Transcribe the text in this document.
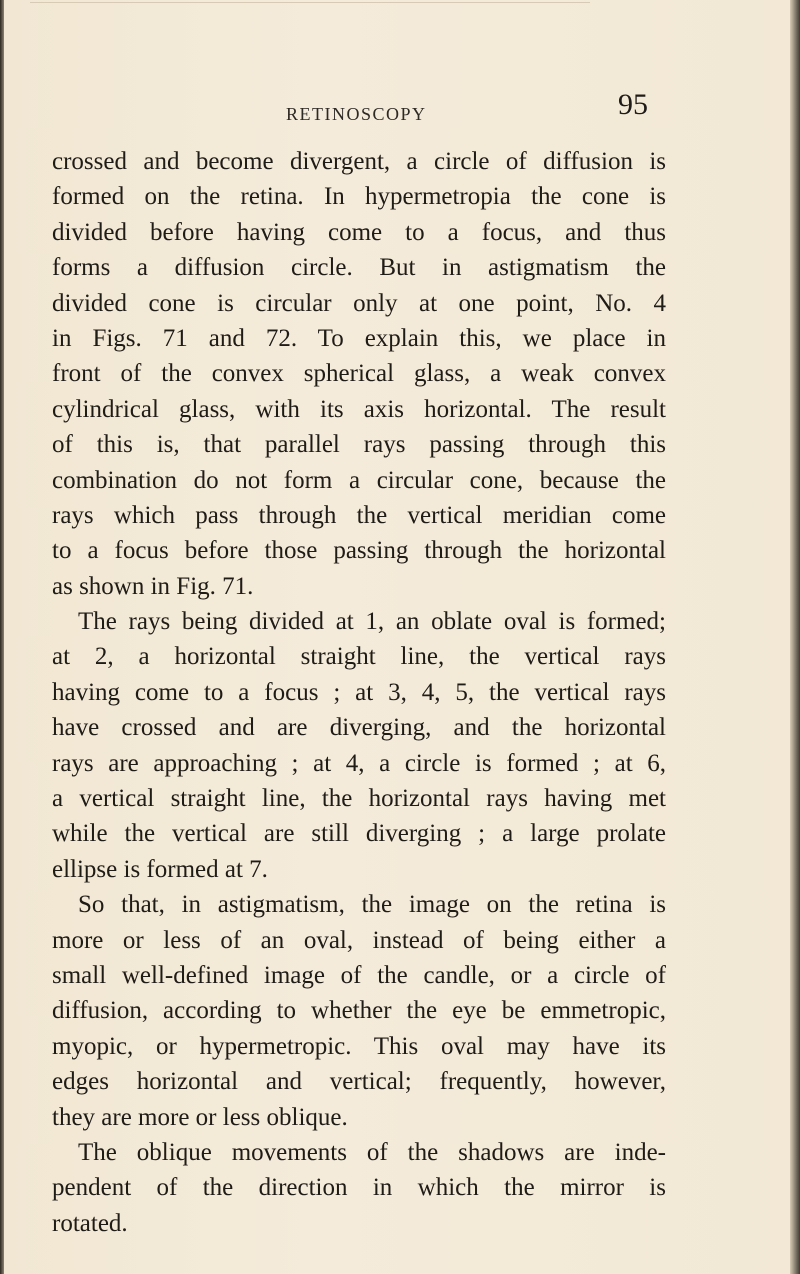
RETINOSCOPY	95
crossed and become divergent, a circle of diffusion is
formed on the retina. In hypermetropia the cone is
divided before having come to a focus, and thus
forms a diffusion circle. But in astigmatism the
divided cone is circular only at one point, No. 4
in Figs. 71 and 72. To explain this, we place in
front of the convex spherical glass, a weak convex
cylindrical glass, with its axis horizontal. The result
of this is, that parallel rays passing through this
combination do not form a circular cone, because the
rays which pass through the vertical meridian come
to a focus before those passing through the horizontal
as shown in Fig. 71.
The rays being divided at 1, an oblate oval is formed;
at 2, a horizontal straight line, the vertical rays
having come to a focus ; at 3, 4, 5, the vertical rays
have crossed and are diverging, and the horizontal
rays are approaching ; at 4, a circle is formed ; at 6,
a vertical straight line, the horizontal rays having met
while the vertical are still diverging ; a large prolate
ellipse is formed at 7.
So that, in astigmatism, the image on the retina is
more or less of an oval, instead of being either a
small well-defined image of the candle, or a circle of
diffusion, according to whether the eye be emmetropic,
myopic, or hypermetropic. This oval may have its
edges horizontal and vertical; frequently, however,
they are more or less oblique.
The oblique movements of the shadows are inde-
pendent of the direction in which the mirror is
rotated.
